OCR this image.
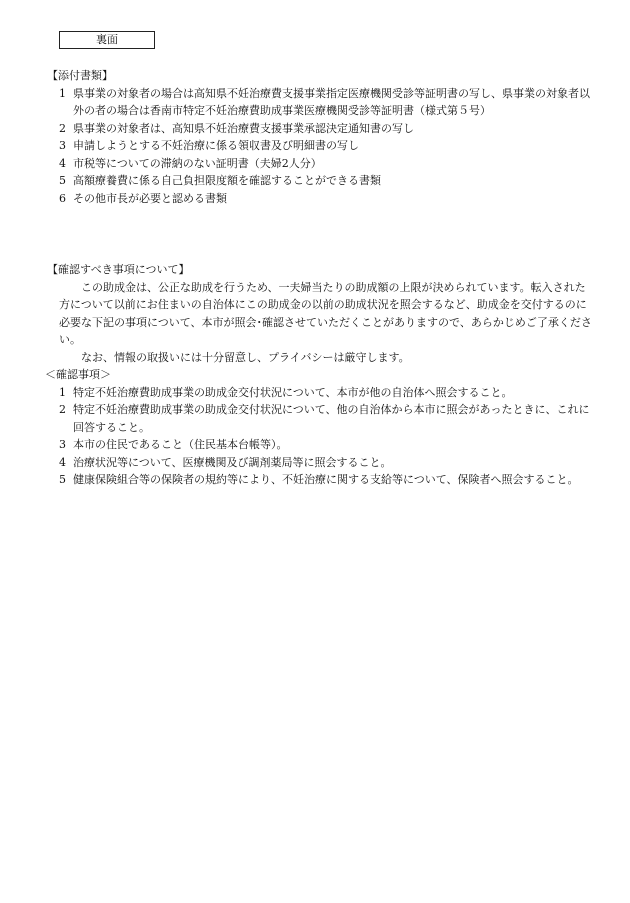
裏面
【添付書類】
1 県事業の対象者の場合は高知県不妊治療費支援事業指定医療機関受診等証明書の写し、県事業の対象者以外の者の場合は香南市特定不妊治療費助成事業医療機関受診等証明書（様式第５号）
2 県事業の対象者は、高知県不妊治療費支援事業承認決定通知書の写し
3 申請しようとする不妊治療に係る領収書及び明細書の写し
4 市税等についての滞納のない証明書（夫婦2人分）
5 高額療養費に係る自己負担限度額を確認することができる書類
6 その他市長が必要と認める書類
【確認すべき事項について】
この助成金は、公正な助成を行うため、一夫婦当たりの助成額の上限が決められています。転入された方について以前にお住まいの自治体にこの助成金の以前の助成状況を照会するなど、助成金を交付するのに必要な下記の事項について、本市が照会･確認させていただくことがありますので、あらかじめご了承ください。
なお、情報の取扱いには十分留意し、プライバシーは厳守します。
＜確認事項＞
1 特定不妊治療費助成事業の助成金交付状況について、本市が他の自治体へ照会すること。
2 特定不妊治療費助成事業の助成金交付状況について、他の自治体から本市に照会があったときに、これに回答すること。
3 本市の住民であること（住民基本台帳等）。
4 治療状況等について、医療機関及び調剤薬局等に照会すること。
5 健康保険組合等の保険者の規約等により、不妊治療に関する支給等について、保険者へ照会すること。
